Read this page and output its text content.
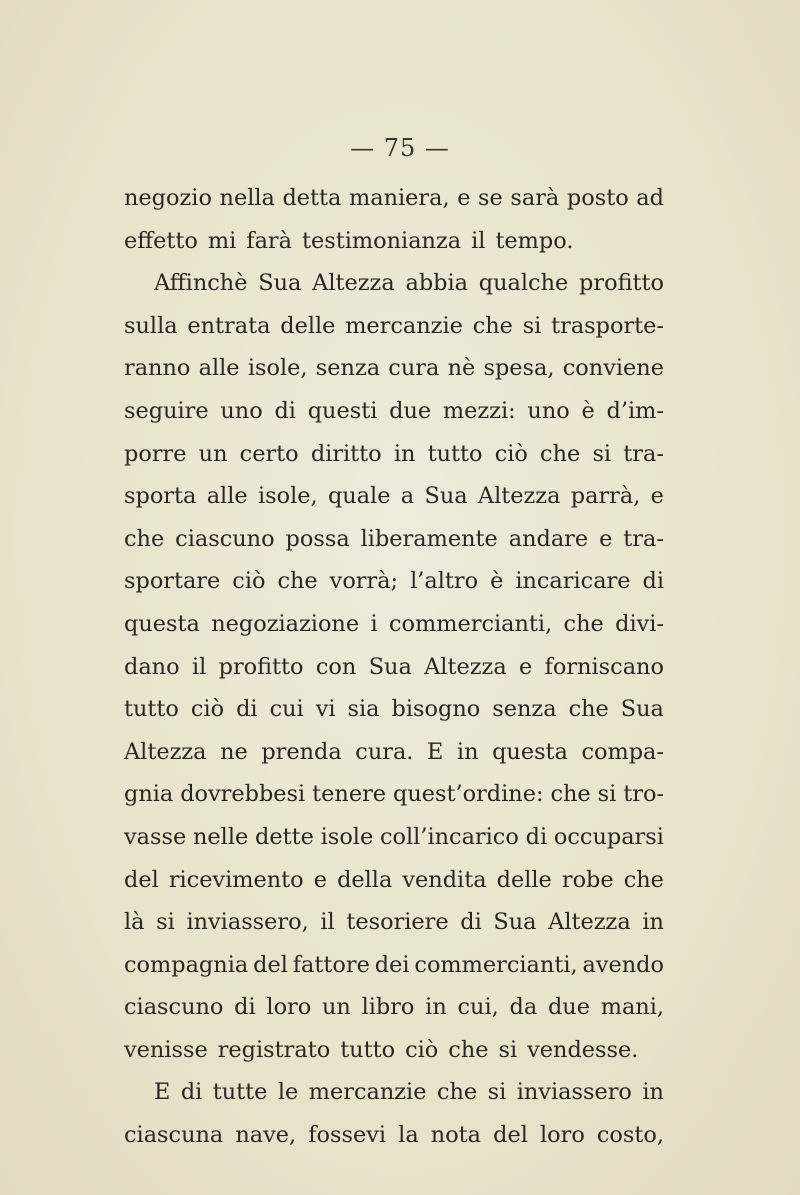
— 75 —
negozio nella detta maniera, e se sarà posto ad
effetto mi farà testimonianza il tempo.
Affinchè Sua Altezza abbia qualche profitto
sulla entrata delle mercanzie che si trasporte-
ranno alle isole, senza cura nè spesa, conviene
seguire uno di questi due mezzi: uno è d’im-
porre un certo diritto in tutto ciò che si tra-
sporta alle isole, quale a Sua Altezza parrà, e
che ciascuno possa liberamente andare e tra-
sportare ciò che vorrà; l’altro è incaricare di
questa negoziazione i commercianti, che divi-
dano il profitto con Sua Altezza e forniscano
tutto ciò di cui vi sia bisogno senza che Sua
Altezza ne prenda cura. E in questa compa-
gnia dovrebbesi tenere quest’ordine: che si tro-
vasse nelle dette isole coll’incarico di occuparsi
del ricevimento e della vendita delle robe che
là si inviassero, il tesoriere di Sua Altezza in
compagnia del fattore dei commercianti, avendo
ciascuno di loro un libro in cui, da due mani,
venisse registrato tutto ciò che si vendesse.
E di tutte le mercanzie che si inviassero in
ciascuna nave, fossevi la nota del loro costo,
